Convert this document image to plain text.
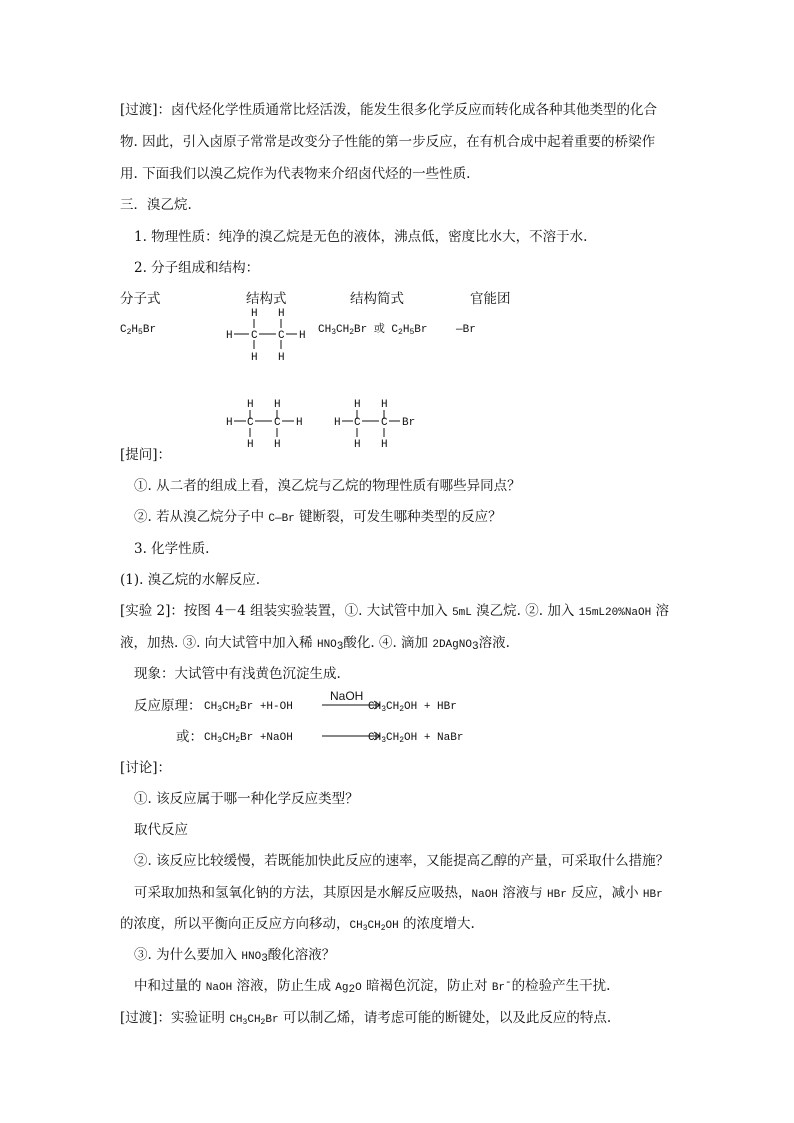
[过渡]：卤代烃化学性质通常比烃活泼，能发生很多化学反应而转化成各种其他类型的化合
物. 因此，引入卤原子常常是改变分子性能的第一步反应，在有机合成中起着重要的桥梁作
用. 下面我们以溴乙烷作为代表物来介绍卤代烃的一些性质.
三．溴乙烷.
1. 物理性质：纯净的溴乙烷是无色的液体，沸点低，密度比水大，不溶于水.
2. 分子组成和结构：
分子式	结构式	结构简式	官能团
$C_2H_5Br$
H H
H C C H
H H
$CH_3CH_2Br$ 或 $C_2H_5Br$	—Br
H H
H C C H
H H
H H
H C C Br
H H
[提问]：
①. 从二者的组成上看，溴乙烷与乙烷的物理性质有哪些异同点？
②. 若从溴乙烷分子中 C—Br 键断裂，可发生哪种类型的反应？
3. 化学性质.
(1). 溴乙烷的水解反应.
[实验 2]：按图 4－4 组装实验装置，①. 大试管中加入 5mL 溴乙烷. ②. 加入 15mL20%NaOH 溶
液，加热. ③. 向大试管中加入稀 $HNO_3$酸化. ④. 滴加 2DAgNO$_3$溶液.
现象：大试管中有浅黄色沉淀生成.
反应原理： $CH_3CH_2Br +H-OH$
NaOH
$CH_3CH_2OH$ + HBr
或： $CH_3CH_2Br$ +NaOH	$CH_3CH_2OH$ + NaBr
[讨论]：
①. 该反应属于哪一种化学反应类型？
取代反应
②. 该反应比较缓慢，若既能加快此反应的速率，又能提高乙醇的产量，可采取什么措施？
可采取加热和氢氧化钠的方法，其原因是水解反应吸热，NaOH 溶液与 HBr 反应，减小 HBr
的浓度，所以平衡向正反应方向移动，$CH_3CH_2OH$ 的浓度增大.
③. 为什么要加入 $HNO_3$酸化溶液？
中和过量的 NaOH 溶液，防止生成 $Ag_2O$ 暗褐色沉淀，防止对 Br-的检验产生干扰.
[过渡]：实验证明 $CH_3CH_2Br$ 可以制乙烯，请考虑可能的断键处，以及此反应的特点.
